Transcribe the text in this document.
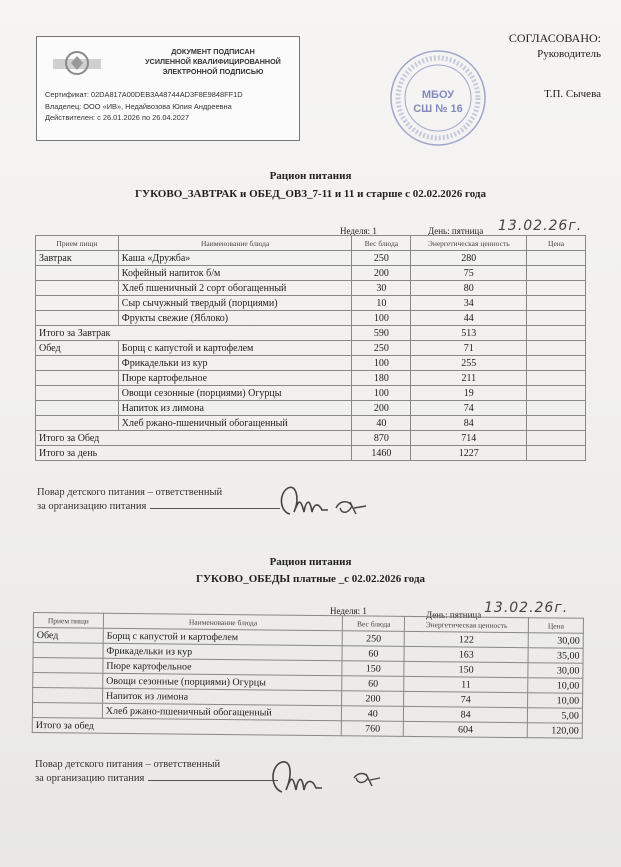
ДОКУМЕНТ ПОДПИСАН
УСИЛЕННОЙ КВАЛИФИЦИРОВАННОЙ
ЭЛЕКТРОННОЙ ПОДПИСЬЮ
Сертификат: 02DA817A00DEB3A48744AD3F8E9848FF1D
Владелец: ООО «ИВ», Недайвозова Юлия Андреевна
Действителен: с 26.01.2026 по 26.04.2027
МБОУ
СШ № 16
СОГЛАСОВАНО:
Руководитель
Т.П. Сычева
Рацион питания
ГУКОВО_ЗАВТРАК и ОБЕД_ОВЗ_7-11 и 11 и старше с 02.02.2026 года
Неделя: 1	День: пятница 13.02.26г.
Прием пищи	Наименование блюда	Вес блюда	Энергетическая ценность	Цена
Завтрак	Каша «Дружба»	250	280	
	Кофейный напиток б/м	200	75	
	Хлеб пшеничный 2 сорт обогащенный	30	80	
	Сыр сычужный твердый (порциями)	10	34	
	Фрукты свежие (Яблоко)	100	44	
Итого за Завтрак		590	513	
Обед	Борщ с капустой и картофелем	250	71	
	Фрикадельки из кур	100	255	
	Пюре картофельное	180	211	
	Овощи сезонные (порциями) Огурцы	100	19	
	Напиток из лимона	200	74	
	Хлеб ржано-пшеничный обогащенный	40	84	
Итого за Обед		870	714	
Итого за день		1460	1227	
Повар детского питания – ответственный
за организацию питания
Рацион питания
ГУКОВО_ОБЕДЫ платные _с 02.02.2026 года
Неделя: 1	День: пятница 13.02.26г.
Прием пищи	Наименование блюда	Вес блюда	Энергетическая ценность	Цена
Обед	Борщ с капустой и картофелем	250	122	30,00
	Фрикадельки из кур	60	163	35,00
	Пюре картофельное	150	150	30,00
	Овощи сезонные (порциями) Огурцы	60	11	10,00
	Напиток из лимона	200	74	10,00
	Хлеб ржано-пшеничный обогащенный	40	84	5,00
Итого за обед		760	604	120,00
Повар детского питания – ответственный
за организацию питания
